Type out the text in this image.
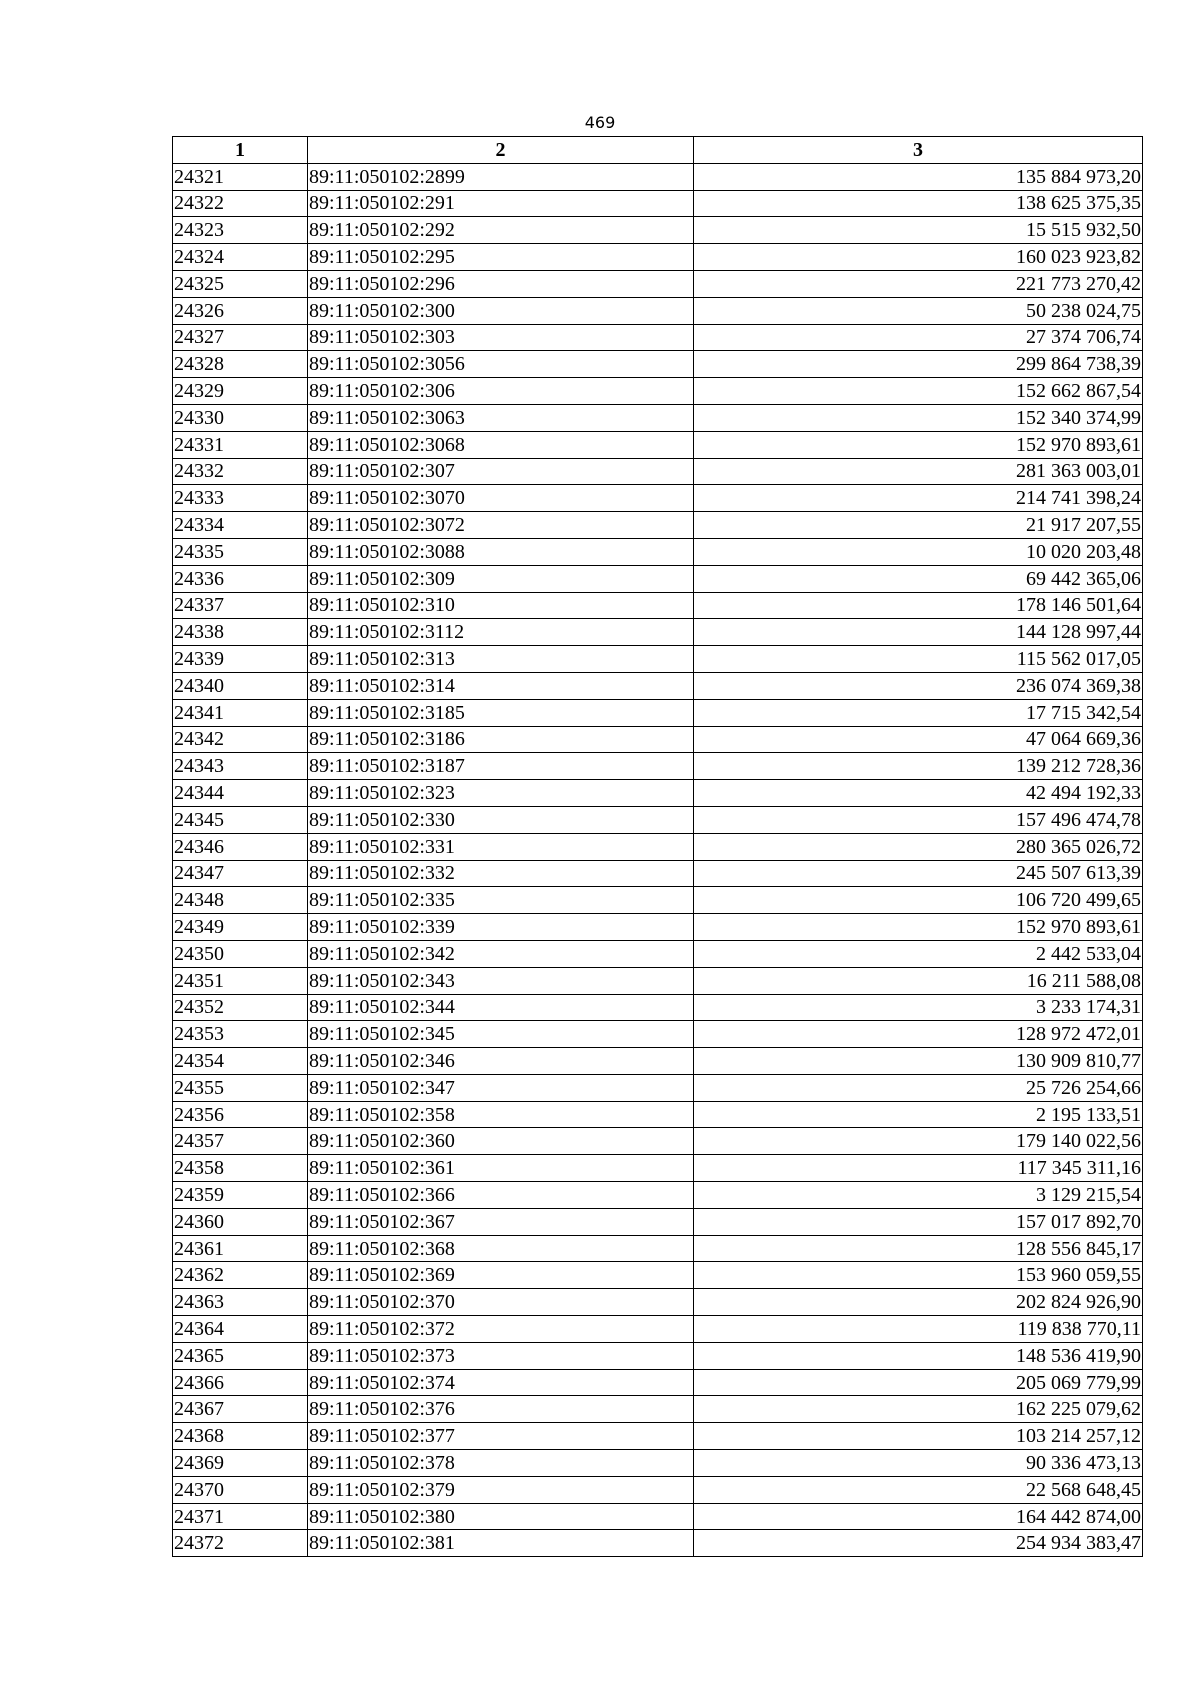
469
1	2	3
24321	89:11:050102:2899	135 884 973,20
24322	89:11:050102:291	138 625 375,35
24323	89:11:050102:292	15 515 932,50
24324	89:11:050102:295	160 023 923,82
24325	89:11:050102:296	221 773 270,42
24326	89:11:050102:300	50 238 024,75
24327	89:11:050102:303	27 374 706,74
24328	89:11:050102:3056	299 864 738,39
24329	89:11:050102:306	152 662 867,54
24330	89:11:050102:3063	152 340 374,99
24331	89:11:050102:3068	152 970 893,61
24332	89:11:050102:307	281 363 003,01
24333	89:11:050102:3070	214 741 398,24
24334	89:11:050102:3072	21 917 207,55
24335	89:11:050102:3088	10 020 203,48
24336	89:11:050102:309	69 442 365,06
24337	89:11:050102:310	178 146 501,64
24338	89:11:050102:3112	144 128 997,44
24339	89:11:050102:313	115 562 017,05
24340	89:11:050102:314	236 074 369,38
24341	89:11:050102:3185	17 715 342,54
24342	89:11:050102:3186	47 064 669,36
24343	89:11:050102:3187	139 212 728,36
24344	89:11:050102:323	42 494 192,33
24345	89:11:050102:330	157 496 474,78
24346	89:11:050102:331	280 365 026,72
24347	89:11:050102:332	245 507 613,39
24348	89:11:050102:335	106 720 499,65
24349	89:11:050102:339	152 970 893,61
24350	89:11:050102:342	2 442 533,04
24351	89:11:050102:343	16 211 588,08
24352	89:11:050102:344	3 233 174,31
24353	89:11:050102:345	128 972 472,01
24354	89:11:050102:346	130 909 810,77
24355	89:11:050102:347	25 726 254,66
24356	89:11:050102:358	2 195 133,51
24357	89:11:050102:360	179 140 022,56
24358	89:11:050102:361	117 345 311,16
24359	89:11:050102:366	3 129 215,54
24360	89:11:050102:367	157 017 892,70
24361	89:11:050102:368	128 556 845,17
24362	89:11:050102:369	153 960 059,55
24363	89:11:050102:370	202 824 926,90
24364	89:11:050102:372	119 838 770,11
24365	89:11:050102:373	148 536 419,90
24366	89:11:050102:374	205 069 779,99
24367	89:11:050102:376	162 225 079,62
24368	89:11:050102:377	103 214 257,12
24369	89:11:050102:378	90 336 473,13
24370	89:11:050102:379	22 568 648,45
24371	89:11:050102:380	164 442 874,00
24372	89:11:050102:381	254 934 383,47
